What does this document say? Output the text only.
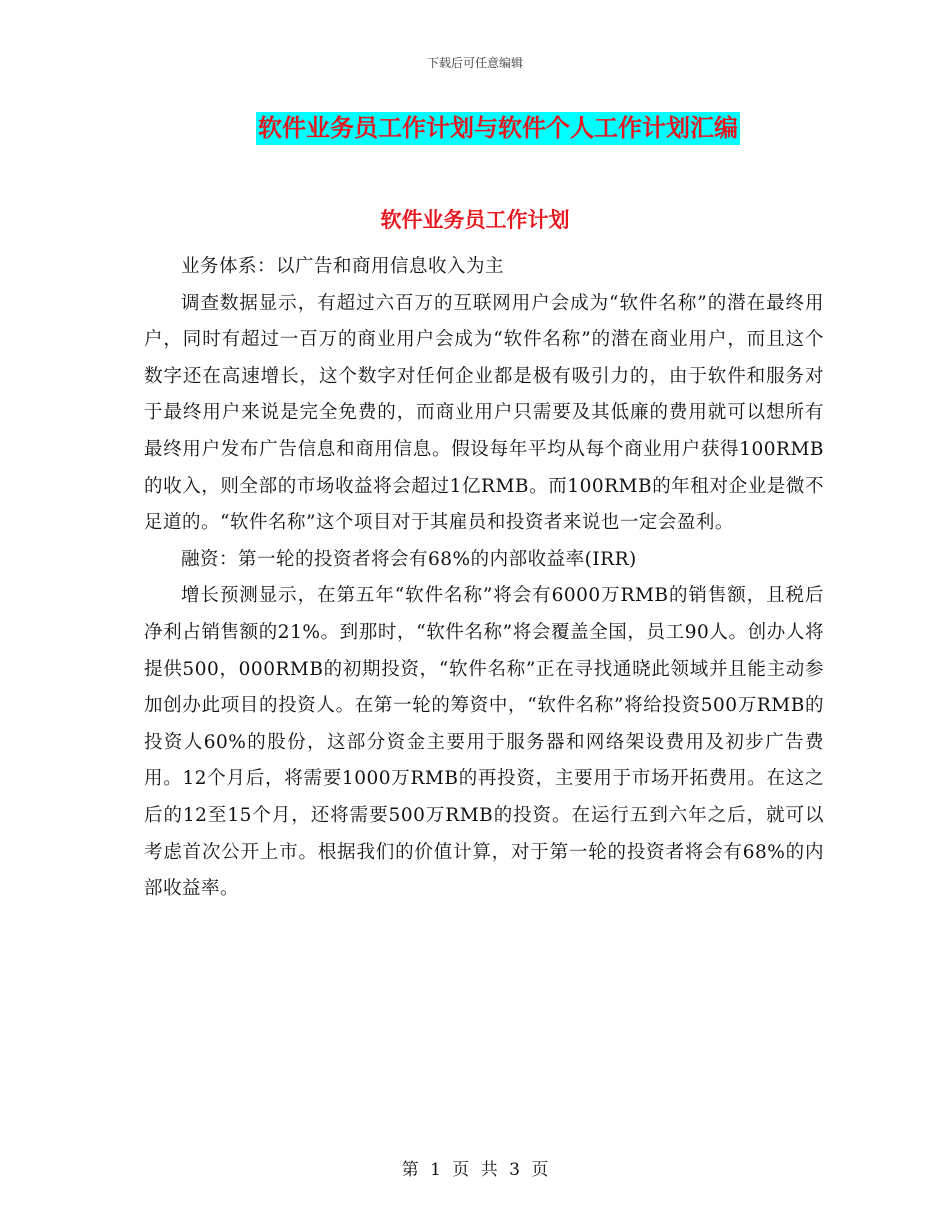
下载后可任意编辑
软件业务员工作计划与软件个人工作计划汇编
软件业务员工作计划

业务体系：以广告和商用信息收入为主

调查数据显示，有超过六百万的互联网用户会成为“软件名称”的潜在最终用户，同时有超过一百万的商业用户会成为“软件名称”的潜在商业用户，而且这个数字还在高速增长，这个数字对任何企业都是极有吸引力的，由于软件和服务对于最终用户来说是完全免费的，而商业用户只需要及其低廉的费用就可以想所有最终用户发布广告信息和商用信息。假设每年平均从每个商业用户获得100RMB的收入，则全部的市场收益将会超过1亿RMB。而100RMB的年租对企业是微不足道的。“软件名称”这个项目对于其雇员和投资者来说也一定会盈利。

融资：第一轮的投资者将会有68%的内部收益率(IRR)

增长预测显示，在第五年“软件名称”将会有6000万RMB的销售额，且税后净利占销售额的21%。到那时，“软件名称”将会覆盖全国，员工90人。创办人将提供500，000RMB的初期投资，“软件名称”正在寻找通晓此领域并且能主动参加创办此项目的投资人。在第一轮的筹资中，“软件名称”将给投资500万RMB的投资人60%的股份，这部分资金主要用于服务器和网络架设费用及初步广告费用。12个月后，将需要1000万RMB的再投资，主要用于市场开拓费用。在这之后的12至15个月，还将需要500万RMB的投资。在运行五到六年之后，就可以考虑首次公开上市。根据我们的价值计算，对于第一轮的投资者将会有68%的内部收益率。

第 1 页 共 3 页
